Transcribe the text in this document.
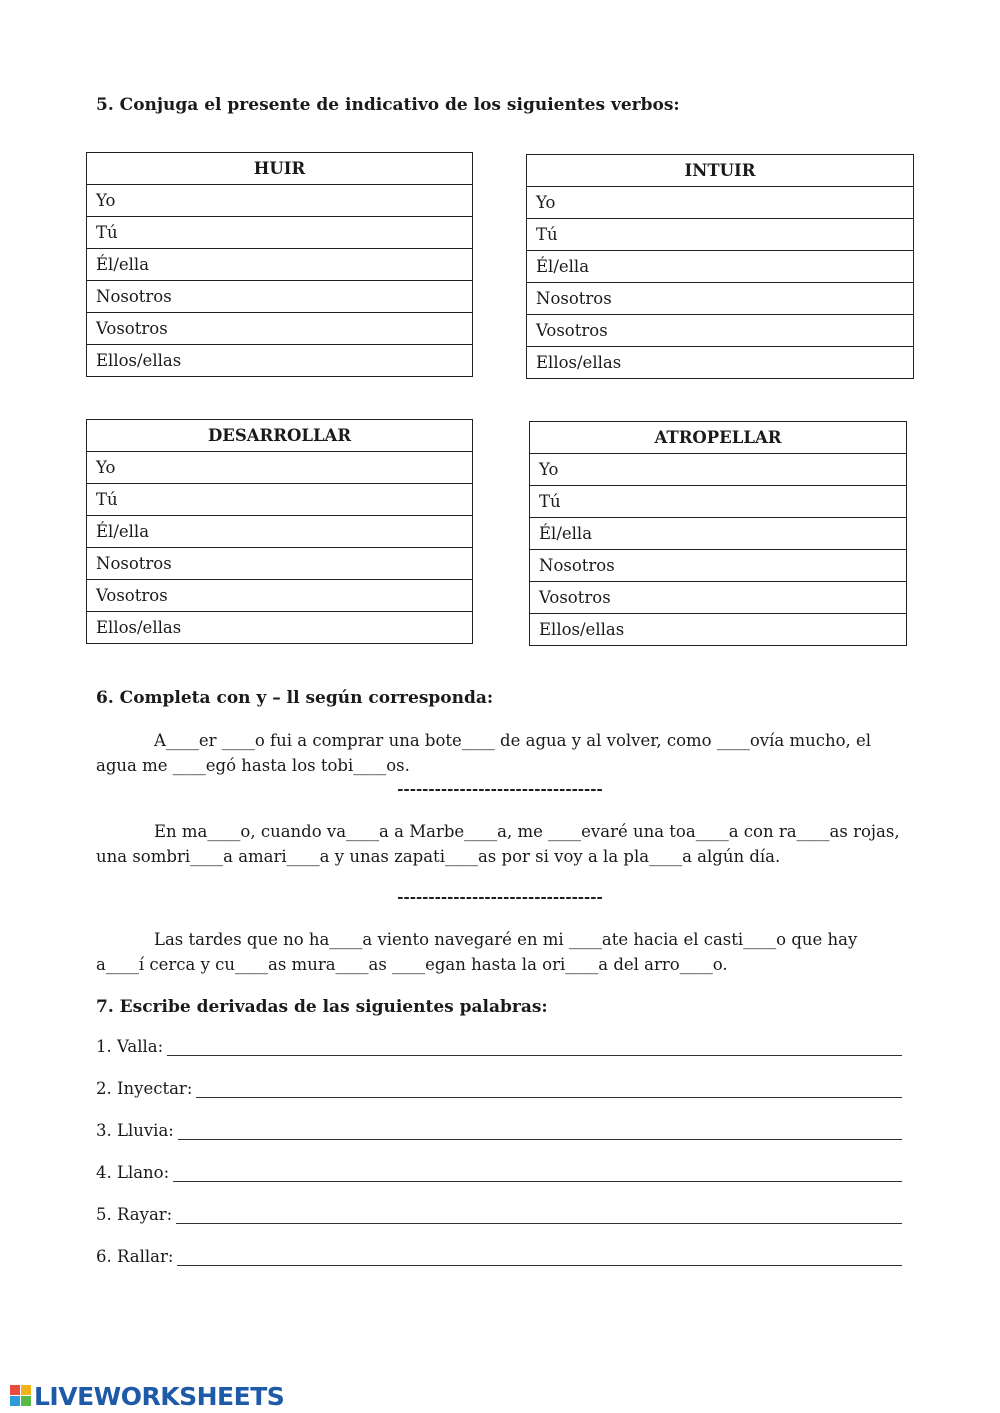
5. Conjuga el presente de indicativo de los siguientes verbos:
HUIR
Yo
Tú
Él/ella
Nosotros
Vosotros
Ellos/ellas
INTUIR
Yo
Tú
Él/ella
Nosotros
Vosotros
Ellos/ellas
DESARROLLAR
Yo
Tú
Él/ella
Nosotros
Vosotros
Ellos/ellas
ATROPELLAR
Yo
Tú
Él/ella
Nosotros
Vosotros
Ellos/ellas
6. Completa con y – ll según corresponda:
A____er ____o fui a comprar una bote____ de agua y al volver, como ____ovía mucho, el agua me ____egó hasta los tobi____os.
---------------------------------
En ma____o, cuando va____a a Marbe____a, me ____evaré una toa____a con ra____as rojas, una sombri____a amari____a y unas zapati____as por si voy a la pla____a algún día.
---------------------------------
Las tardes que no ha____a viento navegaré en mi ____ate hacia el casti____o que hay a____í cerca y cu____as mura____as ____egan hasta la ori____a del arro____o.
7. Escribe derivadas de las siguientes palabras:
1. Valla:
2. Inyectar:
3. Lluvia:
4. Llano:
5. Rayar:
6. Rallar:
LIVEWORKSHEETS
